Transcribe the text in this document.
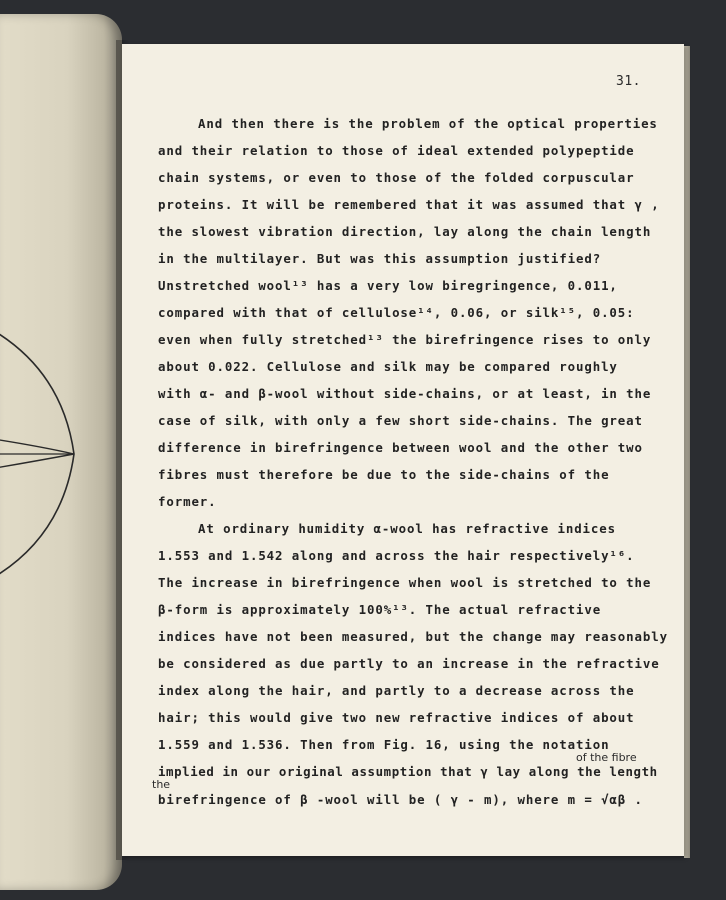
31.
And then there is the problem of the optical properties
and their relation to those of ideal extended polypeptide
chain systems, or even to those of the folded corpuscular
proteins. It will be remembered that it was assumed that γ ,
the slowest vibration direction, lay along the chain length
in the multilayer. But was this assumption justified?
Unstretched wool¹³ has a very low biregringence, 0.011,
compared with that of cellulose¹⁴, 0.06, or silk¹⁵, 0.05:
even when fully stretched¹³ the birefringence rises to only
about 0.022. Cellulose and silk may be compared roughly
with α- and β-wool without side-chains, or at least, in the
case of silk, with only a few short side-chains. The great
difference in birefringence between wool and the other two
fibres must therefore be due to the side-chains of the
former.
At ordinary humidity α-wool has refractive indices
1.553 and 1.542 along and across the hair respectively¹⁶.
The increase in birefringence when wool is stretched to the
β-form is approximately 100%¹³. The actual refractive
indices have not been measured, but the change may reasonably
be considered as due partly to an increase in the refractive
index along the hair, and partly to a decrease across the
hair; this would give two new refractive indices of about
1.559 and 1.536. Then from Fig. 16, using the notation
of the fibre
implied in our original assumption that γ lay along the length
the
birefringence of β -wool will be ( γ - m), where m = √αβ .
